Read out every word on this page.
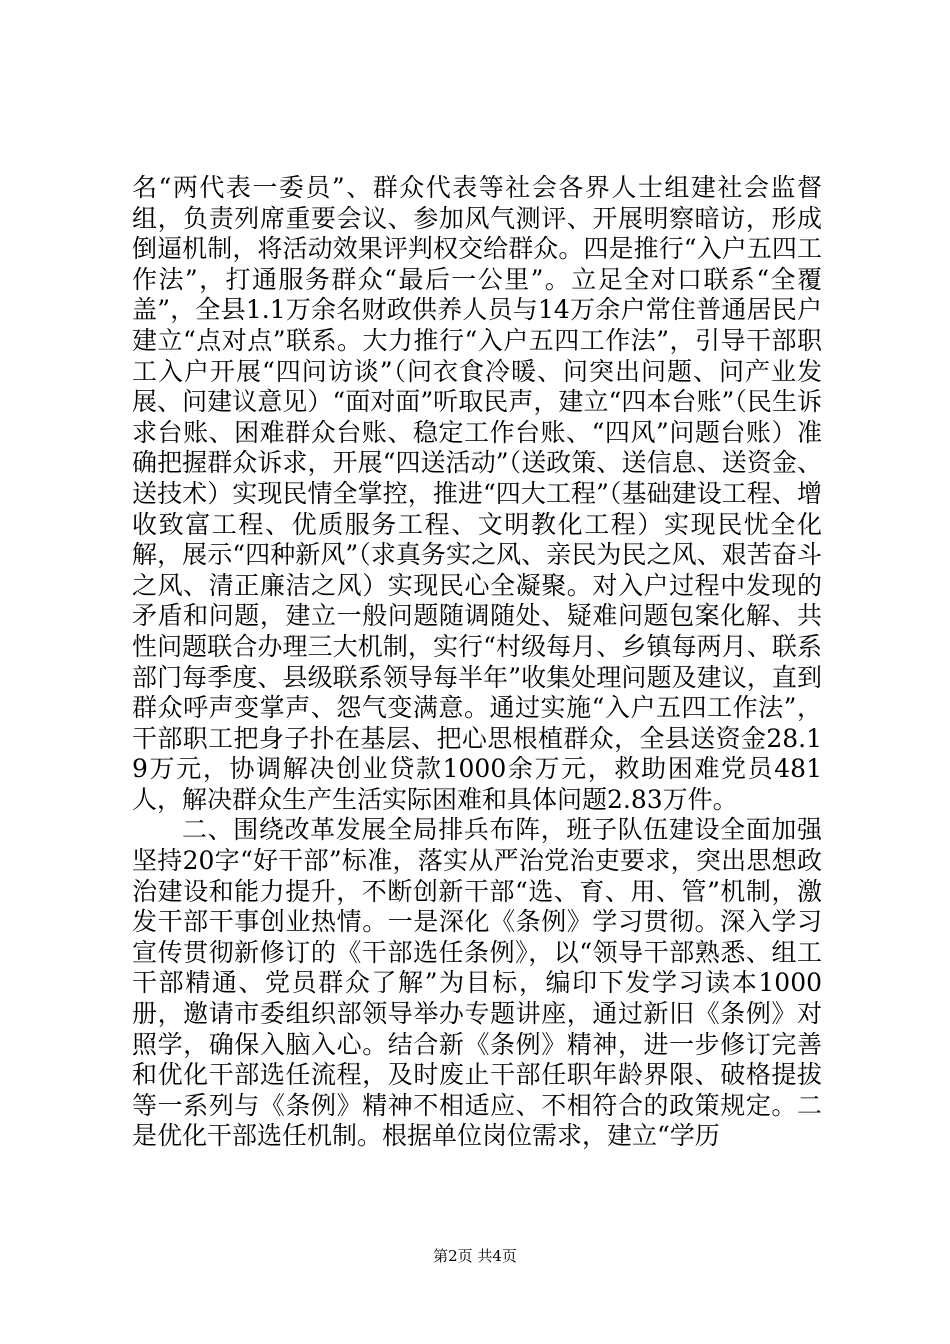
名“两代表一委员”、群众代表等社会各界人士组建社会监督组，负责列席重要会议、参加风气测评、开展明察暗访，形成倒逼机制，将活动效果评判权交给群众。四是推行“入户五四工作法”，打通服务群众“最后一公里”。立足全对口联系“全覆盖”，全县1.1万余名财政供养人员与14万余户常住普通居民户建立“点对点”联系。大力推行“入户五四工作法”，引导干部职工入户开展“四问访谈”（问衣食冷暖、问突出问题、问产业发展、问建议意见）“面对面”听取民声，建立“四本台账”（民生诉求台账、困难群众台账、稳定工作台账、“四风”问题台账）准确把握群众诉求，开展“四送活动”（送政策、送信息、送资金、送技术）实现民情全掌控，推进“四大工程”（基础建设工程、增收致富工程、优质服务工程、文明教化工程）实现民忧全化解，展示“四种新风”（求真务实之风、亲民为民之风、艰苦奋斗之风、清正廉洁之风）实现民心全凝聚。对入户过程中发现的矛盾和问题，建立一般问题随调随处、疑难问题包案化解、共性问题联合办理三大机制，实行“村级每月、乡镇每两月、联系部门每季度、县级联系领导每半年”收集处理问题及建议，直到群众呼声变掌声、怨气变满意。通过实施“入户五四工作法”，干部职工把身子扑在基层、把心思根植群众，全县送资金28.19万元，协调解决创业贷款1000余万元，救助困难党员481人，解决群众生产生活实际困难和具体问题2.83万件。

二、围绕改革发展全局排兵布阵，班子队伍建设全面加强坚持20字“好干部”标准，落实从严治党治吏要求，突出思想政治建设和能力提升，不断创新干部“选、育、用、管”机制，激发干部干事创业热情。一是深化《条例》学习贯彻。深入学习宣传贯彻新修订的《干部选任条例》，以“领导干部熟悉、组工干部精通、党员群众了解”为目标，编印下发学习读本1000册，邀请市委组织部领导举办专题讲座，通过新旧《条例》对照学，确保入脑入心。结合新《条例》精神，进一步修订完善和优化干部选任流程，及时废止干部任职年龄界限、破格提拔等一系列与《条例》精神不相适应、不相符合的政策规定。二是优化干部选任机制。根据单位岗位需求，建立“学历

第2页 共4页
